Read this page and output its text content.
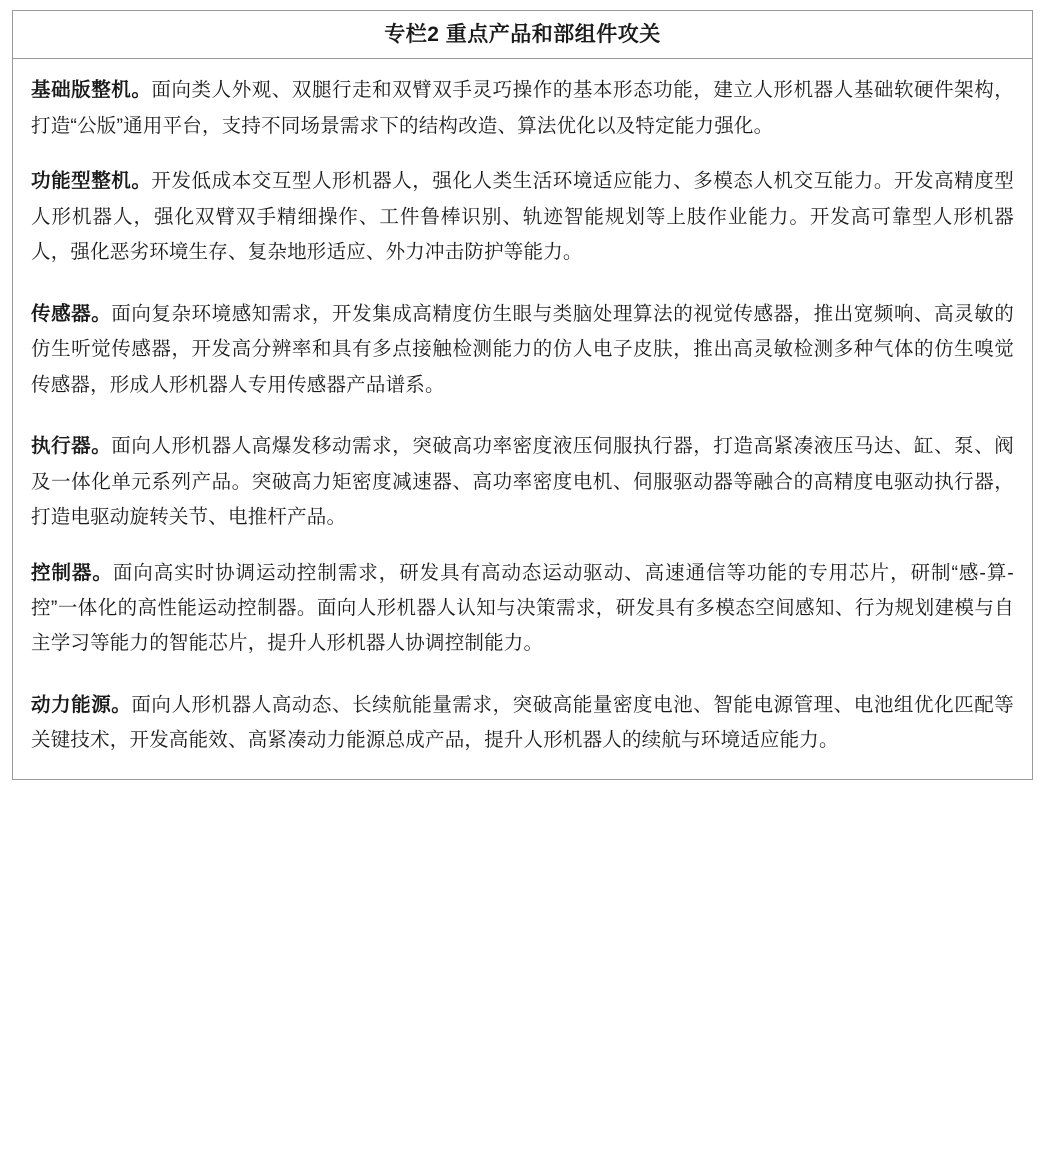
专栏2 重点产品和部组件攻关

基础版整机。面向类人外观、双腿行走和双臂双手灵巧操作的基本形态功能，建立人形机器人基础软硬件架构，打造“公版”通用平台，支持不同场景需求下的结构改造、算法优化以及特定能力强化。

功能型整机。开发低成本交互型人形机器人，强化人类生活环境适应能力、多模态人机交互能力。开发高精度型人形机器人，强化双臂双手精细操作、工件鲁棒识别、轨迹智能规划等上肢作业能力。开发高可靠型人形机器人，强化恶劣环境生存、复杂地形适应、外力冲击防护等能力。

传感器。面向复杂环境感知需求，开发集成高精度仿生眼与类脑处理算法的视觉传感器，推出宽频响、高灵敏的仿生听觉传感器，开发高分辨率和具有多点接触检测能力的仿人电子皮肤，推出高灵敏检测多种气体的仿生嗅觉传感器，形成人形机器人专用传感器产品谱系。

执行器。面向人形机器人高爆发移动需求，突破高功率密度液压伺服执行器，打造高紧凑液压马达、缸、泵、阀及一体化单元系列产品。突破高力矩密度减速器、高功率密度电机、伺服驱动器等融合的高精度电驱动执行器，打造电驱动旋转关节、电推杆产品。

控制器。面向高实时协调运动控制需求，研发具有高动态运动驱动、高速通信等功能的专用芯片，研制“感-算-控”一体化的高性能运动控制器。面向人形机器人认知与决策需求，研发具有多模态空间感知、行为规划建模与自主学习等能力的智能芯片，提升人形机器人协调控制能力。

动力能源。面向人形机器人高动态、长续航能量需求，突破高能量密度电池、智能电源管理、电池组优化匹配等关键技术，开发高能效、高紧凑动力能源总成产品，提升人形机器人的续航与环境适应能力。
